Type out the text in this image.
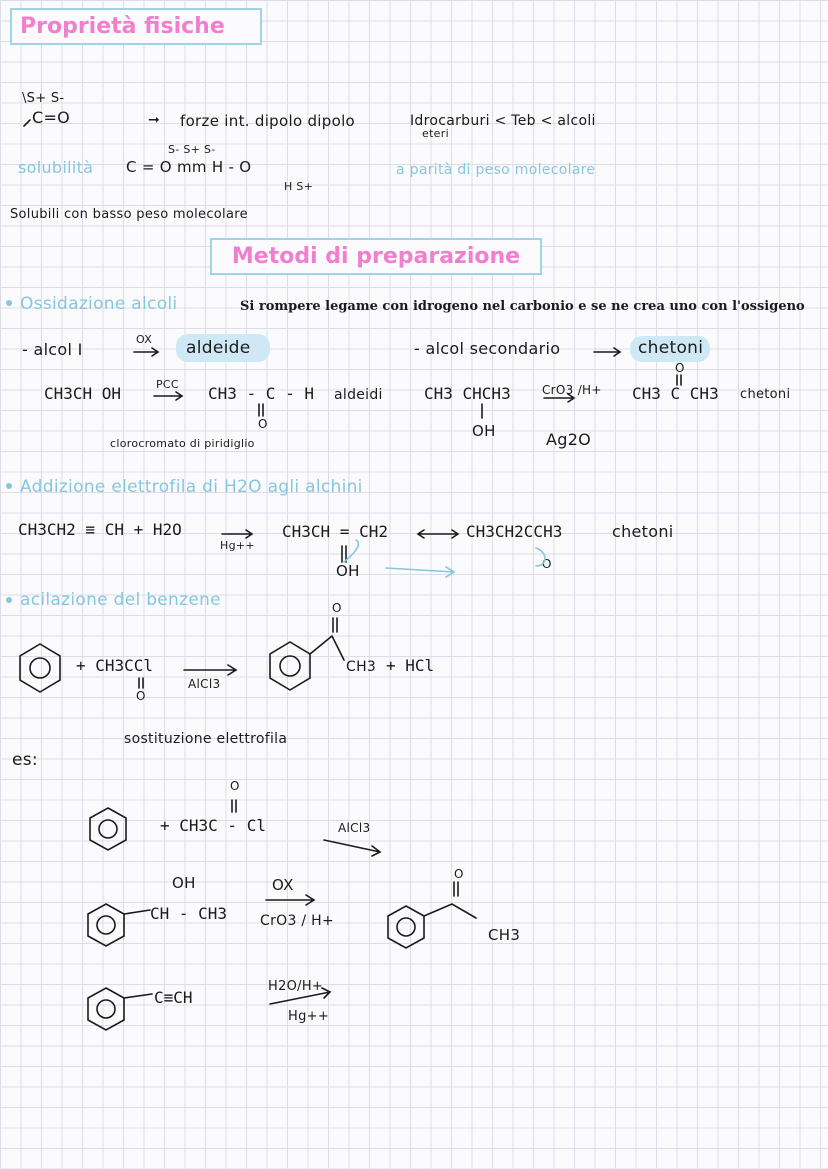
Proprietà fisiche
Metodi di preparazione
\S+ S-
C=O	➞ forze int. dipolo dipolo	Idrocarburi < Teb < alcoli
eteri
solubilità C = O mm H - O
S- S+ S-
H S+
a parità di peso molecolare
Solubili con basso peso molecolare
Ossidazione alcoli	Si rompere legame con idrogeno nel carbonio e se ne crea uno con l'ossigeno
- alcol I
OX aldeide	- alcol secondario	chetoni
CH3CH OH	PCC CH3 - C - H
O
aldeidi
clorocromato di piridiglio
CH3 CHCH3
OH
CrO3 /H+
Ag2O
CH3 C CH3
O
chetoni
Addizione elettrofila di H2O agli alchini
CH3CH2 ≡ CH + H2O
Hg++
CH3CH = CH2
OH
CH3CH2CCH3
O
chetoni
acilazione del benzene
+ CH3CCl
O
AlCl3
O
CH3 + HCl
sostituzione elettrofila
es:
+ CH3C - Cl
O
AlCl3
OH
CH - CH3
OX
CrO3 / H+
O
CH3
C≡CH
H2O/H+
Hg++
